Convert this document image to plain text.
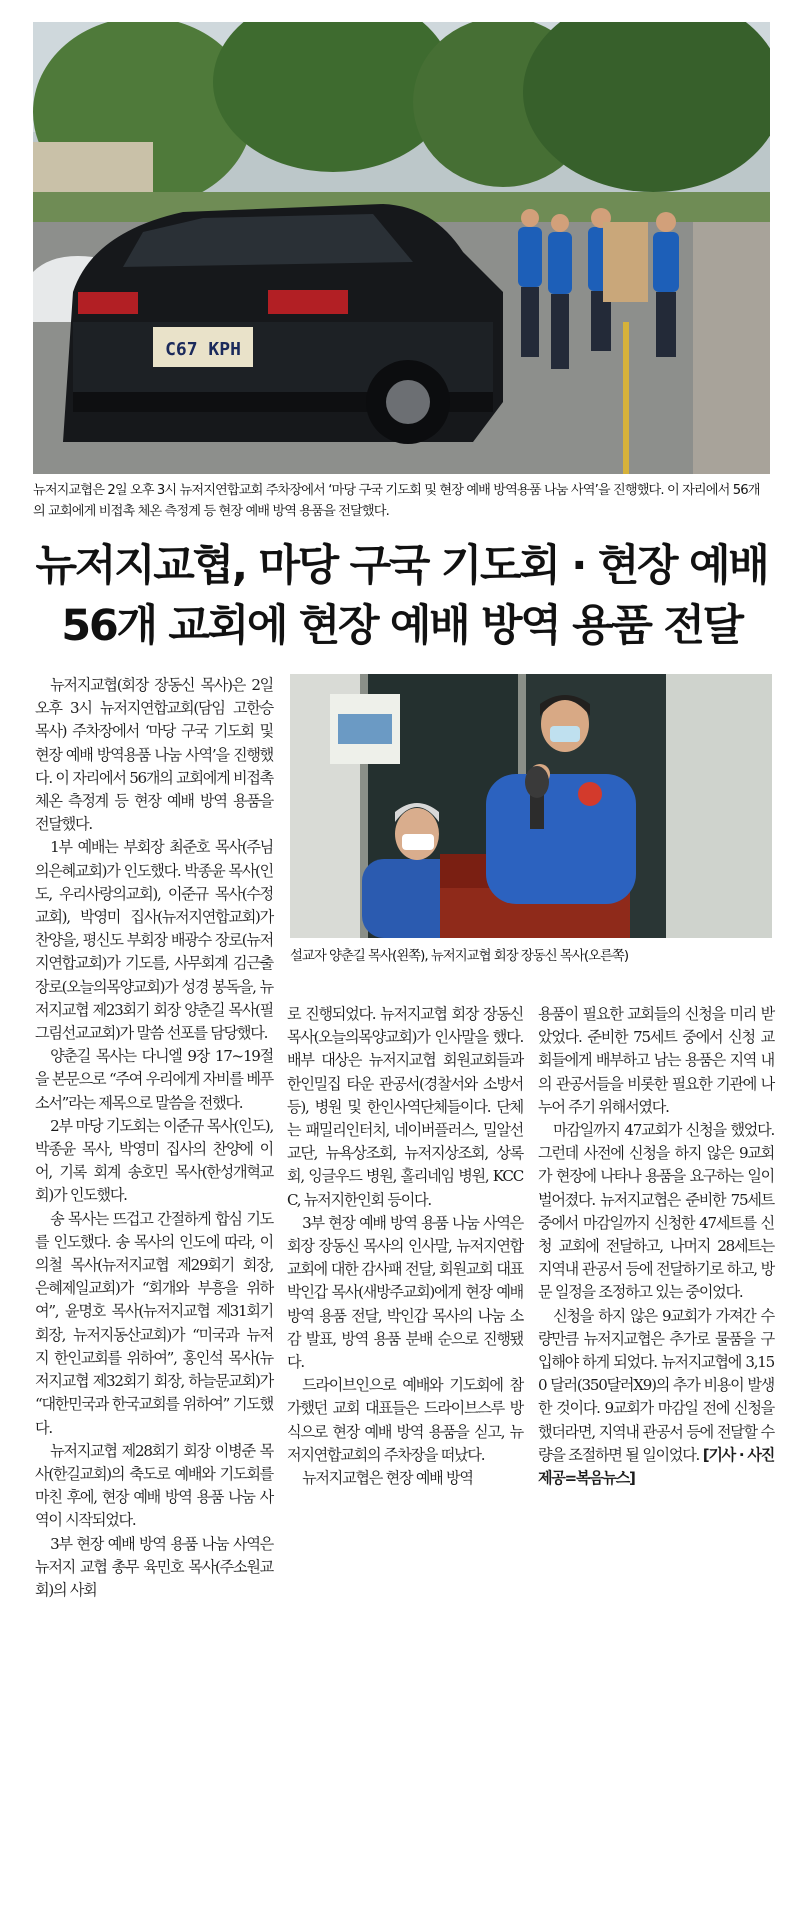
C67 KPH
뉴저지교협은 2일 오후 3시 뉴저지연합교회 주차장에서 ‘마당 구국 기도회 및 현장 예배 방역용품 나눔 사역’을 진행했다. 이 자리에서 56개의 교회에게 비접촉 체온 측정계 등 현장 예배 방역 용품을 전달했다.
뉴저지교협, 마당 구국 기도회 · 현장 예배
56개 교회에 현장 예배 방역 용품 전달

뉴저지교협(회장 장동신 목사)은 2일 오후 3시 뉴저지연합교회(담임 고한승 목사) 주차장에서 ‘마당 구국 기도회 및 현장 예배 방역용품 나눔 사역’을 진행했다. 이 자리에서 56개의 교회에게 비접촉 체온 측정계 등 현장 예배 방역 용품을 전달했다.

1부 예배는 부회장 최준호 목사(주님의은혜교회)가 인도했다. 박종윤 목사(인도, 우리사랑의교회), 이준규 목사(수정교회), 박영미 집사(뉴저지연합교회)가 찬양을, 평신도 부회장 배광수 장로(뉴저지연합교회)가 기도를, 사무회계 김근출 장로(오늘의목양교회)가 성경 봉독을, 뉴저지교협 제23회기 회장 양춘길 목사(필그림선교교회)가 말씀 선포를 담당했다.

양춘길 목사는 다니엘 9장 17~19절을 본문으로 “주여 우리에게 자비를 베푸소서”라는 제목으로 말씀을 전했다.

2부 마당 기도회는 이준규 목사(인도), 박종윤 목사, 박영미 집사의 찬양에 이어, 기록 회계 송호민 목사(한성개혁교회)가 인도했다.

송 목사는 뜨겁고 간절하게 합심 기도를 인도했다. 송 목사의 인도에 따라, 이의철 목사(뉴저지교협 제29회기 회장, 은혜제일교회)가 “회개와 부흥을 위하여”, 윤명호 목사(뉴저지교협 제31회기 회장, 뉴저지동산교회)가 “미국과 뉴저지 한인교회를 위하여”, 홍인석 목사(뉴저지교협 제32회기 회장, 하늘문교회)가 “대한민국과 한국교회를 위하여” 기도했다.

뉴저지교협 제28회기 회장 이병준 목사(한길교회)의 축도로 예배와 기도회를 마친 후에, 현장 예배 방역 용품 나눔 사역이 시작되었다.

3부 현장 예배 방역 용품 나눔 사역은 뉴저지 교협 총무 육민호 목사(주소원교회)의 사회

설교자 양춘길 목사(왼쪽), 뉴저지교협 회장 장동신 목사(오른쪽)

로 진행되었다. 뉴저지교협 회장 장동신 목사(오늘의목양교회)가 인사말을 했다. 배부 대상은 뉴저지교협 회원교회들과 한인밀집 타운 관공서(경찰서와 소방서 등), 병원 및 한인사역단체들이다. 단체는 패밀리인터치, 네이버플러스, 밀알선교단, 뉴욕상조회, 뉴저지상조회, 상록회, 잉글우드 병원, 홀리네임 병원, KCCC, 뉴저지한인회 등이다.

3부 현장 예배 방역 용품 나눔 사역은 회장 장동신 목사의 인사말, 뉴저지연합교회에 대한 감사패 전달, 회원교회 대표 박인갑 목사(새방주교회)에게 현장 예배 방역 용품 전달, 박인갑 목사의 나눔 소감 발표, 방역 용품 분배 순으로 진행됐다.

드라이브인으로 예배와 기도회에 참가했던 교회 대표들은 드라이브스루 방식으로 현장 예배 방역 용품을 싣고, 뉴저지연합교회의 주차장을 떠났다.

뉴저지교협은 현장 예배 방역

용품이 필요한 교회들의 신청을 미리 받았었다. 준비한 75세트 중에서 신청 교회들에게 배부하고 남는 용품은 지역 내의 관공서들을 비롯한 필요한 기관에 나누어 주기 위해서였다.

마감일까지 47교회가 신청을 했었다. 그런데 사전에 신청을 하지 않은 9교회가 현장에 나타나 용품을 요구하는 일이 벌어졌다. 뉴저지교협은 준비한 75세트 중에서 마감일까지 신청한 47세트를 신청 교회에 전달하고, 나머지 28세트는 지역내 관공서 등에 전달하기로 하고, 방문 일정을 조정하고 있는 중이었다.

신청을 하지 않은 9교회가 가져간 수량만큼 뉴저지교협은 추가로 물품을 구입해야 하게 되었다. 뉴저지교협에 3,150 달러(350달러X9)의 추가 비용이 발생한 것이다. 9교회가 마감일 전에 신청을 했더라면, 지역내 관공서 등에 전달할 수량을 조절하면 될 일이었다. [기사 · 사진 제공=복음뉴스]
